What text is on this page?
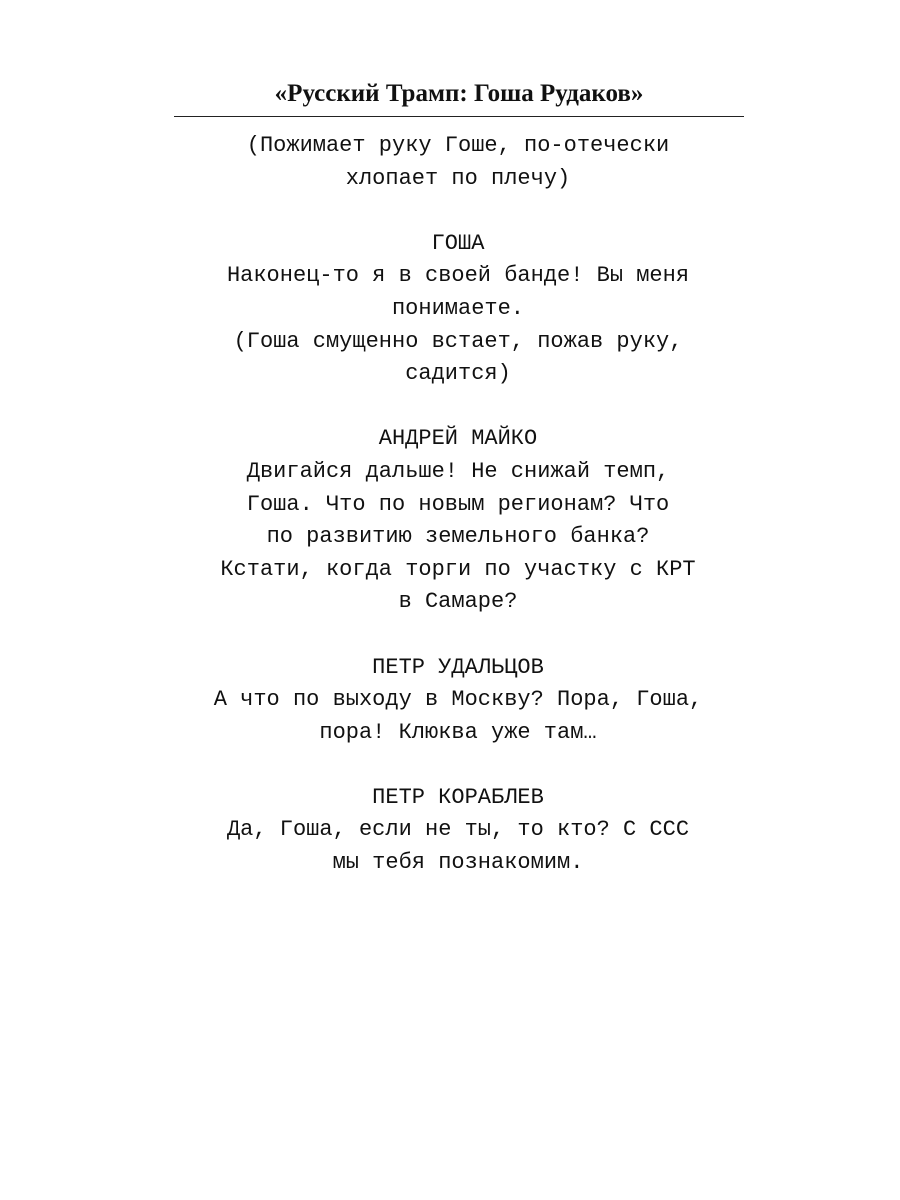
«Русский Трамп: Гоша Рудаков»
(Пожимает руку Гоше, по-отечески
хлопает по плечу)
ГОША
Наконец-то я в своей банде! Вы меня
понимаете.
(Гоша смущенно встает, пожав руку,
садится)
АНДРЕЙ МАЙКО
Двигайся дальше! Не снижай темп,
Гоша. Что по новым регионам? Что
по развитию земельного банка?
Кстати, когда торги по участку с КРТ
в Самаре?
ПЕТР УДАЛЬЦОВ
А что по выходу в Москву? Пора, Гоша,
пора! Клюква уже там…
ПЕТР КОРАБЛЕВ
Да, Гоша, если не ты, то кто? С ССС
мы тебя познакомим.
